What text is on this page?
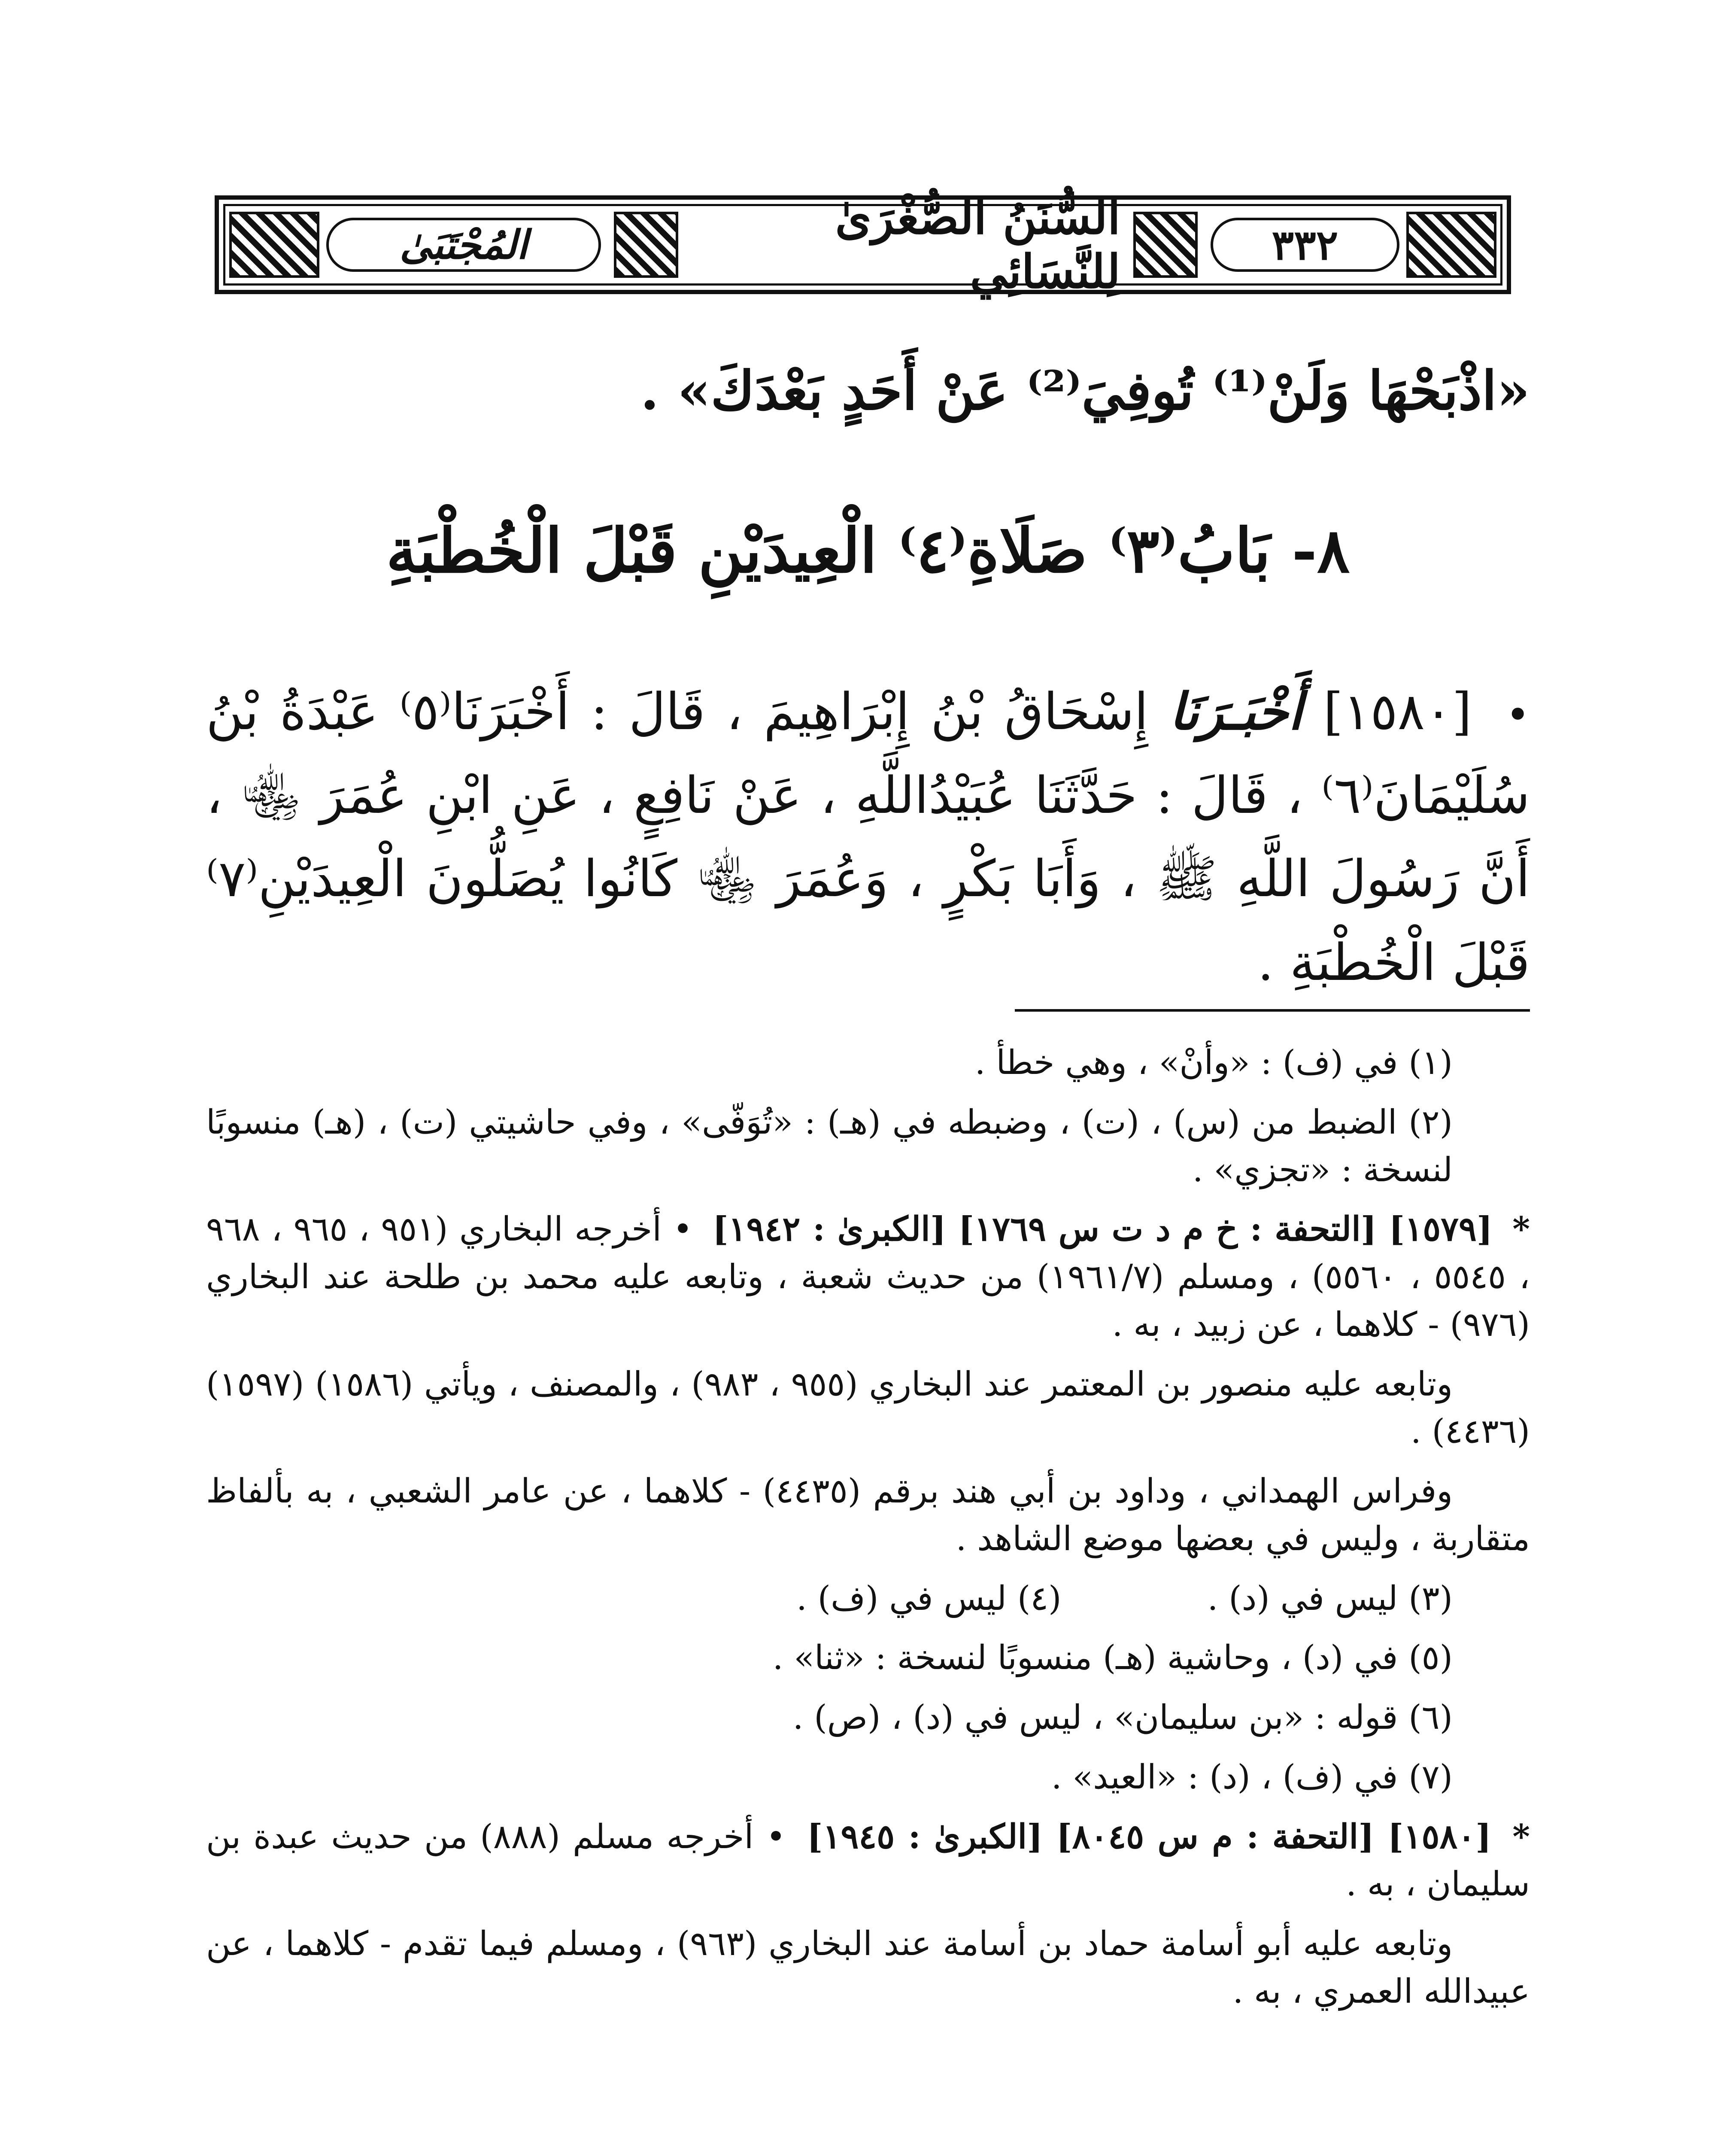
المُجْتَبَىٰ	السُّنَنُ الصُّغْرَىٰ لِلنَّسَائِي	٣٣٢
«اذْبَحْهَا وَلَنْ⁽¹⁾ تُوفِيَ⁽²⁾ عَنْ أَحَدٍ بَعْدَكَ» .
٨- بَابُ⁽٣⁾ صَلَاةِ⁽٤⁾ الْعِيدَيْنِ قَبْلَ الْخُطْبَةِ
• [١٥٨٠] أَخْبَـرَنَا إِسْحَاقُ بْنُ إِبْرَاهِيمَ ، قَالَ : أَخْبَرَنَا⁽٥⁾ عَبْدَةُ بْنُ سُلَيْمَانَ⁽٦⁾ ، قَالَ : حَدَّثَنَا عُبَيْدُاللَّهِ ، عَنْ نَافِعٍ ، عَنِ ابْنِ عُمَرَ ﵄ ، أَنَّ رَسُولَ اللَّهِ ﷺ ، وَأَبَا بَكْرٍ ، وَعُمَرَ ﵄ كَانُوا يُصَلُّونَ الْعِيدَيْنِ⁽٧⁾ قَبْلَ الْخُطْبَةِ .

(١) في (ف) : «وأنْ» ، وهي خطأ .

(٢) الضبط من (س) ، (ت) ، وضبطه في (هـ) : «تُوَفّى» ، وفي حاشيتي (ت) ، (هـ) منسوبًا لنسخة : «تجزي» .

* [١٥٧٩] [التحفة : خ م د ت س ١٧٦٩] [الكبرىٰ : ١٩٤٢] • أخرجه البخاري (٩٥١ ، ٩٦٥ ، ٩٦٨ ، ٥٥٤٥ ، ٥٥٦٠) ، ومسلم (١٩٦١/٧) من حديث شعبة ، وتابعه عليه محمد بن طلحة عند البخاري (٩٧٦) - كلاهما ، عن زبيد ، به .

وتابعه عليه منصور بن المعتمر عند البخاري (٩٥٥ ، ٩٨٣) ، والمصنف ، ويأتي (١٥٨٦) (١٥٩٧) (٤٤٣٦) .

وفراس الهمداني ، وداود بن أبي هند برقم (٤٤٣٥) - كلاهما ، عن عامر الشعبي ، به بألفاظ متقاربة ، وليس في بعضها موضع الشاهد .

(٣) ليس في (د) .
(٤) ليس في (ف) .

(٥) في (د) ، وحاشية (هـ) منسوبًا لنسخة : «ثنا» .

(٦) قوله : «بن سليمان» ، ليس في (د) ، (ص) .

(٧) في (ف) ، (د) : «العيد» .

* [١٥٨٠] [التحفة : م س ٨٠٤٥] [الكبرىٰ : ١٩٤٥] • أخرجه مسلم (٨٨٨) من حديث عبدة بن سليمان ، به .

وتابعه عليه أبو أسامة حماد بن أسامة عند البخاري (٩٦٣) ، ومسلم فيما تقدم - كلاهما ، عن عبيدالله العمري ، به .
